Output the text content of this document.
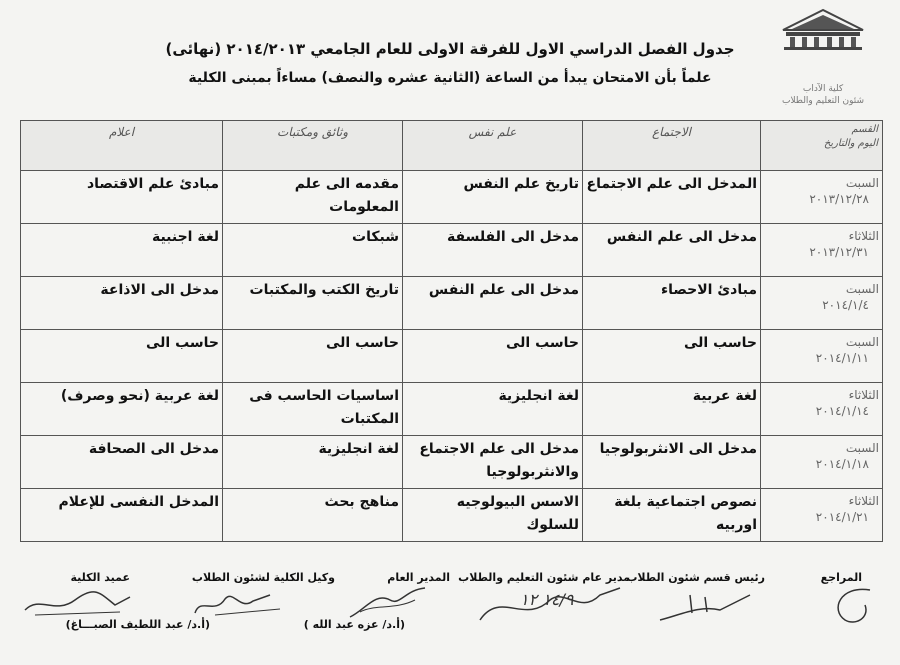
كلية الآداب
شئون التعليم والطلاب
جدول الفصل الدراسي الاول للفرقة الاولى للعام الجامعي ٢٠١٤/٢٠١٣ (نهائى)
علماً بأن الامتحان يبدأ من الساعة (الثانية عشره والنصف) مساءاً بمبنى الكلية
القسم
اليوم والتاريخ	الاجتماع	علم نفس	وثائق ومكتبات	اعلام

السبت
٢٠١٣/١٢/٢٨	المدخل الى علم الاجتماع	تاريخ علم النفس	مقدمه الى علم المعلومات	مبادئ علم الاقتصاد

الثلاثاء
٢٠١٣/١٢/٣١	مدخل الى علم النفس	مدخل الى الفلسفة	شبكات	لغة اجنبية

السبت
٢٠١٤/١/٤	مبادئ الاحصاء	مدخل الى علم النفس	تاريخ الكتب والمكتبات	مدخل الى الاذاعة

السبت
٢٠١٤/١/١١	حاسب الى	حاسب الى	حاسب الى	حاسب الى

الثلاثاء
٢٠١٤/١/١٤	لغة عربية	لغة انجليزية	اساسيات الحاسب فى المكتبات	لغة عربية (نحو وصرف)

السبت
٢٠١٤/١/١٨	مدخل الى الانثربولوجيا	مدخل الى علم الاجتماع والانثربولوجيا	لغة انجليزية	مدخل الى الصحافة

الثلاثاء
٢٠١٤/١/٢١	نصوص اجتماعية بلغة اوربيه	الاسس البيولوجيه للسلوك	مناهج بحث	المدخل النفسى للإعلام
المراجع
رئيس قسم شئون الطلاب
مدير عام شئون التعليم والطلاب
المدير العام
وكيل الكلية لشئون الطلاب
عميد الكلية
١٤/٩ ١٢
(أ.د/ عزه عبد الله )
(أ.د/ عبد اللطيف الصبـــاغ)
